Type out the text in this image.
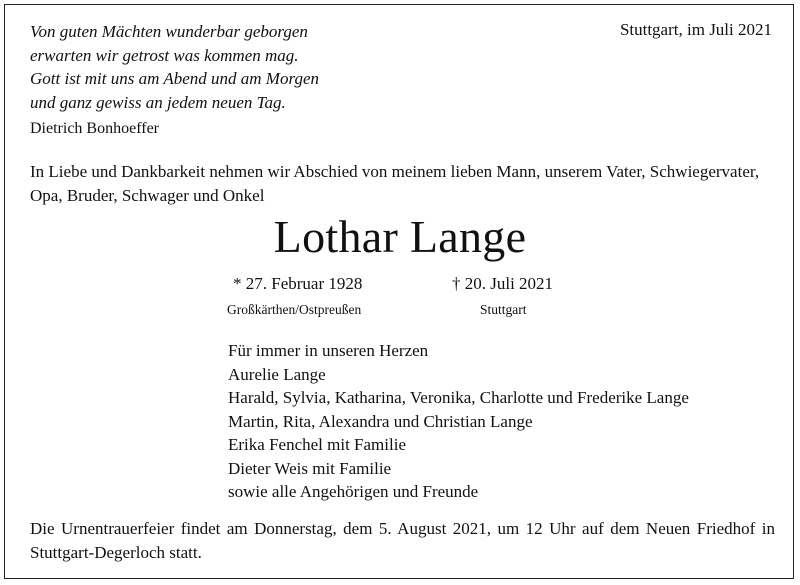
Von guten Mächten wunderbar geborgen
erwarten wir getrost was kommen mag.
Gott ist mit uns am Abend und am Morgen
und ganz gewiss an jedem neuen Tag.
Dietrich Bonhoeffer
Stuttgart, im Juli 2021
In Liebe und Dankbarkeit nehmen wir Abschied von meinem lieben Mann, unserem Vater, Schwiegervater, Opa, Bruder, Schwager und Onkel
Lothar Lange
* 27. Februar 1928	† 20. Juli 2021
Großkärthen/Ostpreußen	Stuttgart
Für immer in unseren Herzen
Aurelie Lange
Harald, Sylvia, Katharina, Veronika, Charlotte und Frederike Lange
Martin, Rita, Alexandra und Christian Lange
Erika Fenchel mit Familie
Dieter Weis mit Familie
sowie alle Angehörigen und Freunde
Die Urnentrauerfeier findet am Donnerstag, dem 5. August 2021, um 12 Uhr auf dem Neuen Friedhof in Stuttgart-Degerloch statt.
